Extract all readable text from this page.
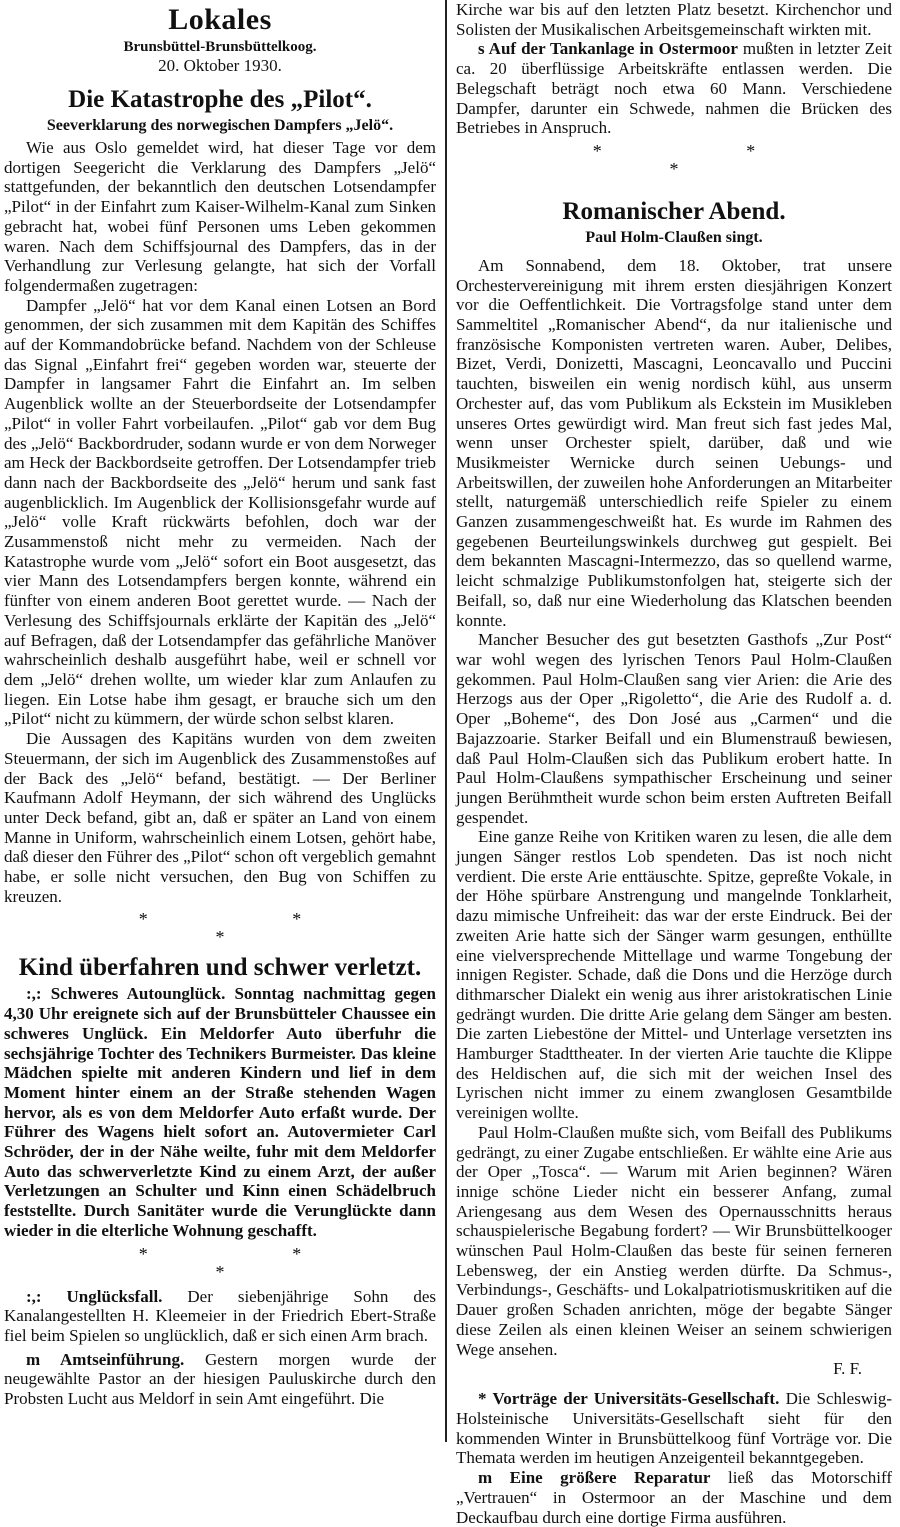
Lokales
Brunsbüttel-Brunsbüttelkoog.
20. Oktober 1930.
Die Katastrophe des „Pilot“.
Seeverklarung des norwegischen Dampfers „Jelö“.

Wie aus Oslo gemeldet wird, hat dieser Tage vor dem dortigen Seegericht die Verklarung des Dampfers „Jelö“ stattgefunden, der bekanntlich den deutschen Lotsendampfer „Pilot“ in der Einfahrt zum Kaiser-Wilhelm-Kanal zum Sinken gebracht hat, wobei fünf Personen ums Leben gekommen waren. Nach dem Schiffsjournal des Dampfers, das in der Verhandlung zur Verlesung gelangte, hat sich der Vorfall folgendermaßen zugetragen:

Dampfer „Jelö“ hat vor dem Kanal einen Lotsen an Bord genommen, der sich zusammen mit dem Kapitän des Schiffes auf der Kommandobrücke befand. Nachdem von der Schleuse das Signal „Einfahrt frei“ gegeben worden war, steuerte der Dampfer in langsamer Fahrt die Einfahrt an. Im selben Augenblick wollte an der Steuerbordseite der Lotsendampfer „Pilot“ in voller Fahrt vorbeilaufen. „Pilot“ gab vor dem Bug des „Jelö“ Backbordruder, sodann wurde er von dem Norweger am Heck der Backbordseite getroffen. Der Lotsendampfer trieb dann nach der Backbordseite des „Jelö“ herum und sank fast augenblicklich. Im Augenblick der Kollisionsgefahr wurde auf „Jelö“ volle Kraft rückwärts befohlen, doch war der Zusammenstoß nicht mehr zu vermeiden. Nach der Katastrophe wurde vom „Jelö“ sofort ein Boot ausgesetzt, das vier Mann des Lotsendampfers bergen konnte, während ein fünfter von einem anderen Boot gerettet wurde. — Nach der Verlesung des Schiffsjournals erklärte der Kapitän des „Jelö“ auf Befragen, daß der Lotsendampfer das gefährliche Manöver wahrscheinlich deshalb ausgeführt habe, weil er schnell vor dem „Jelö“ drehen wollte, um wieder klar zum Anlaufen zu liegen. Ein Lotse habe ihm gesagt, er brauche sich um den „Pilot“ nicht zu kümmern, der würde schon selbst klaren.

Die Aussagen des Kapitäns wurden von dem zweiten Steuermann, der sich im Augenblick des Zusammenstoßes auf der Back des „Jelö“ befand, bestätigt. — Der Berliner Kaufmann Adolf Heymann, der sich während des Unglücks unter Deck befand, gibt an, daß er später an Land von einem Manne in Uniform, wahrscheinlich einem Lotsen, gehört habe, daß dieser den Führer des „Pilot“ schon oft vergeblich gemahnt habe, er solle nicht versuchen, den Bug von Schiffen zu kreuzen.

* * *
Kind überfahren und schwer verletzt.

:,: Schweres Autounglück. Sonntag nachmittag gegen 4,30 Uhr ereignete sich auf der Brunsbütteler Chaussee ein schweres Unglück. Ein Meldorfer Auto überfuhr die sechsjährige Tochter des Technikers Burmeister. Das kleine Mädchen spielte mit anderen Kindern und lief in dem Moment hinter einem an der Straße stehenden Wagen hervor, als es von dem Meldorfer Auto erfaßt wurde. Der Führer des Wagens hielt sofort an. Autovermieter Carl Schröder, der in der Nähe weilte, fuhr mit dem Meldorfer Auto das schwerverletzte Kind zu einem Arzt, der außer Verletzungen an Schulter und Kinn einen Schädelbruch feststellte. Durch Sanitäter wurde die Verunglückte dann wieder in die elterliche Wohnung geschafft.

* * *

:,: Unglücksfall. Der siebenjährige Sohn des Kanalangestellten H. Kleemeier in der Friedrich Ebert-Straße fiel beim Spielen so unglücklich, daß er sich einen Arm brach.

m Amtseinführung. Gestern morgen wurde der neugewählte Pastor an der hiesigen Pauluskirche durch den Probsten Lucht aus Meldorf in sein Amt eingeführt. Die

Kirche war bis auf den letzten Platz besetzt. Kirchenchor und Solisten der Musikalischen Arbeitsgemeinschaft wirkten mit.

s Auf der Tankanlage in Ostermoor mußten in letzter Zeit ca. 20 überflüssige Arbeitskräfte entlassen werden. Die Belegschaft beträgt noch etwa 60 Mann. Verschiedene Dampfer, darunter ein Schwede, nahmen die Brücken des Betriebes in Anspruch.

* * *
Romanischer Abend.
Paul Holm-Claußen singt.

Am Sonnabend, dem 18. Oktober, trat unsere Orchestervereinigung mit ihrem ersten diesjährigen Konzert vor die Oeffentlichkeit. Die Vortragsfolge stand unter dem Sammeltitel „Romanischer Abend“, da nur italienische und französische Komponisten vertreten waren. Auber, Delibes, Bizet, Verdi, Donizetti, Mascagni, Leoncavallo und Puccini tauchten, bisweilen ein wenig nordisch kühl, aus unserm Orchester auf, das vom Publikum als Eckstein im Musikleben unseres Ortes gewürdigt wird. Man freut sich fast jedes Mal, wenn unser Orchester spielt, darüber, daß und wie Musikmeister Wernicke durch seinen Uebungs- und Arbeitswillen, der zuweilen hohe Anforderungen an Mitarbeiter stellt, naturgemäß unterschiedlich reife Spieler zu einem Ganzen zusammengeschweißt hat. Es wurde im Rahmen des gegebenen Beurteilungswinkels durchweg gut gespielt. Bei dem bekannten Mascagni-Intermezzo, das so quellend warme, leicht schmalzige Publikumstonfolgen hat, steigerte sich der Beifall, so, daß nur eine Wiederholung das Klatschen beenden konnte.

Mancher Besucher des gut besetzten Gasthofs „Zur Post“ war wohl wegen des lyrischen Tenors Paul Holm-Claußen gekommen. Paul Holm-Claußen sang vier Arien: die Arie des Herzogs aus der Oper „Rigoletto“, die Arie des Rudolf a. d. Oper „Boheme“, des Don José aus „Carmen“ und die Bajazzoarie. Starker Beifall und ein Blumenstrauß bewiesen, daß Paul Holm-Claußen sich das Publikum erobert hatte. In Paul Holm-Claußens sympathischer Erscheinung und seiner jungen Berühmtheit wurde schon beim ersten Auftreten Beifall gespendet.

Eine ganze Reihe von Kritiken waren zu lesen, die alle dem jungen Sänger restlos Lob spendeten. Das ist noch nicht verdient. Die erste Arie enttäuschte. Spitze, gepreßte Vokale, in der Höhe spürbare Anstrengung und mangelnde Tonklarheit, dazu mimische Unfreiheit: das war der erste Eindruck. Bei der zweiten Arie hatte sich der Sänger warm gesungen, enthüllte eine vielversprechende Mittellage und warme Tongebung der innigen Register. Schade, daß die Dons und die Herzöge durch dithmarscher Dialekt ein wenig aus ihrer aristokratischen Linie gedrängt wurden. Die dritte Arie gelang dem Sänger am besten. Die zarten Liebestöne der Mittel- und Unterlage versetzten ins Hamburger Stadttheater. In der vierten Arie tauchte die Klippe des Heldischen auf, die sich mit der weichen Insel des Lyrischen nicht immer zu einem zwanglosen Gesamtbilde vereinigen wollte.

Paul Holm-Claußen mußte sich, vom Beifall des Publikums gedrängt, zu einer Zugabe entschließen. Er wählte eine Arie aus der Oper „Tosca“. — Warum mit Arien beginnen? Wären innige schöne Lieder nicht ein besserer Anfang, zumal Ariengesang aus dem Wesen des Opernausschnitts heraus schauspielerische Begabung fordert? — Wir Brunsbüttelkooger wünschen Paul Holm-Claußen das beste für seinen ferneren Lebensweg, der ein Anstieg werden dürfte. Da Schmus-, Verbindungs-, Geschäfts- und Lokalpatriotismuskritiken auf die Dauer großen Schaden anrichten, möge der begabte Sänger diese Zeilen als einen kleinen Weiser an seinem schwierigen Wege ansehen.

F. F.

* Vorträge der Universitäts-Gesellschaft. Die Schleswig-Holsteinische Universitäts-Gesellschaft sieht für den kommenden Winter in Brunsbüttelkoog fünf Vorträge vor. Die Themata werden im heutigen Anzeigenteil bekanntgegeben.

m Eine größere Reparatur ließ das Motorschiff „Vertrauen“ in Ostermoor an der Maschine und dem Deckaufbau durch eine dortige Firma ausführen.
